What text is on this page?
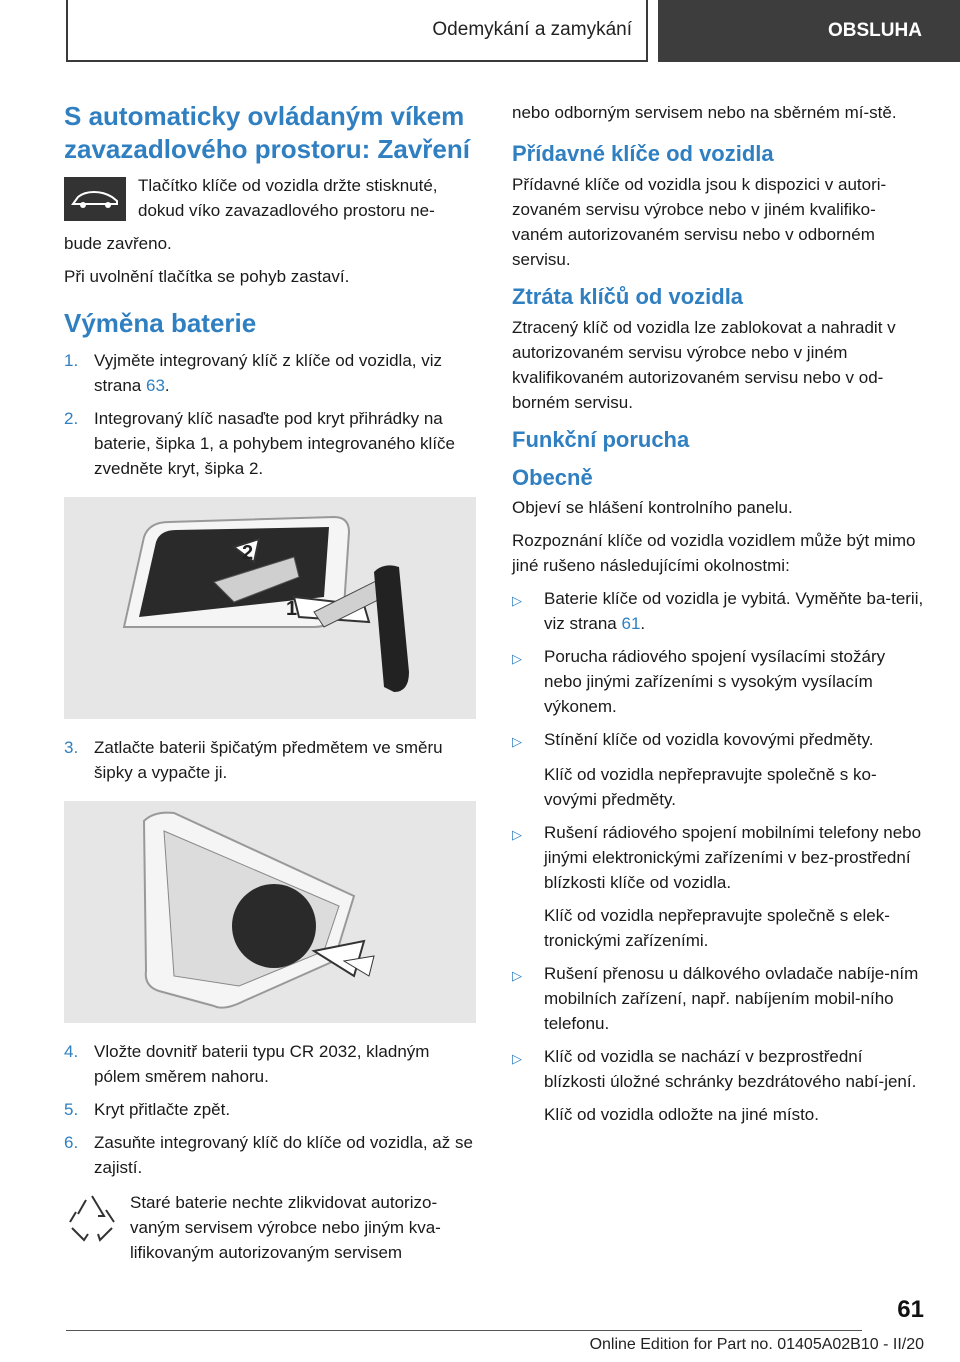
Odemykání a zamykání	OBSLUHA
S automaticky ovládaným víkem zavazadlového prostoru: Zavření

Tlačítko klíče od vozidla držte stisknuté, dokud víko zavazadlového prostoru ne-

bude zavřeno.

Při uvolnění tlačítka se pohyb zastaví.

Výměna baterie
1. Vyjměte integrovaný klíč z klíče od vozidla, viz strana 63.
2. Integrovaný klíč nasaďte pod kryt přihrádky na baterie, šipka 1, a pohybem integrovaného klíče zvedněte kryt, šipka 2.
2
1
3. Zatlačte baterii špičatým předmětem ve směru šipky a vypačte ji.
4. Vložte dovnitř baterii typu CR 2032, kladným pólem směrem nahoru.
5. Kryt přitlačte zpět.
6. Zasuňte integrovaný klíč do klíče od vozidla, až se zajistí.

Staré baterie nechte zlikvidovat autorizo-vaným servisem výrobce nebo jiným kva-lifikovaným autorizovaným servisem

nebo odborným servisem nebo na sběrném mí-stě.

Přídavné klíče od vozidla

Přídavné klíče od vozidla jsou k dispozici v autori-zovaném servisu výrobce nebo v jiném kvalifiko-vaném autorizovaném servisu nebo v odborném servisu.

Ztráta klíčů od vozidla

Ztracený klíč od vozidla lze zablokovat a nahradit v autorizovaném servisu výrobce nebo v jiném kvalifikovaném autorizovaném servisu nebo v od-borném servisu.

Funkční porucha
Obecně

Objeví se hlášení kontrolního panelu.

Rozpoznání klíče od vozidla vozidlem může být mimo jiné rušeno následujícími okolnostmi:

▷	Baterie klíče od vozidla je vybitá. Vyměňte ba-terii, viz strana 61.
▷	Porucha rádiového spojení vysílacími stožáry nebo jinými zařízeními s vysokým vysílacím výkonem.
▷	Stínění klíče od vozidla kovovými předměty.

Klíč od vozidla nepřepravujte společně s ko-vovými předměty.

▷	Rušení rádiového spojení mobilními telefony nebo jinými elektronickými zařízeními v bez-prostřední blízkosti klíče od vozidla.

Klíč od vozidla nepřepravujte společně s elek-tronickými zařízeními.

▷	Rušení přenosu u dálkového ovladače nabíje-ním mobilních zařízení, např. nabíjením mobil-ního telefonu.
▷	Klíč od vozidla se nachází v bezprostřední blízkosti úložné schránky bezdrátového nabí-jení.

Klíč od vozidla odložte na jiné místo.

61
Online Edition for Part no. 01405A02B10 - II/20
